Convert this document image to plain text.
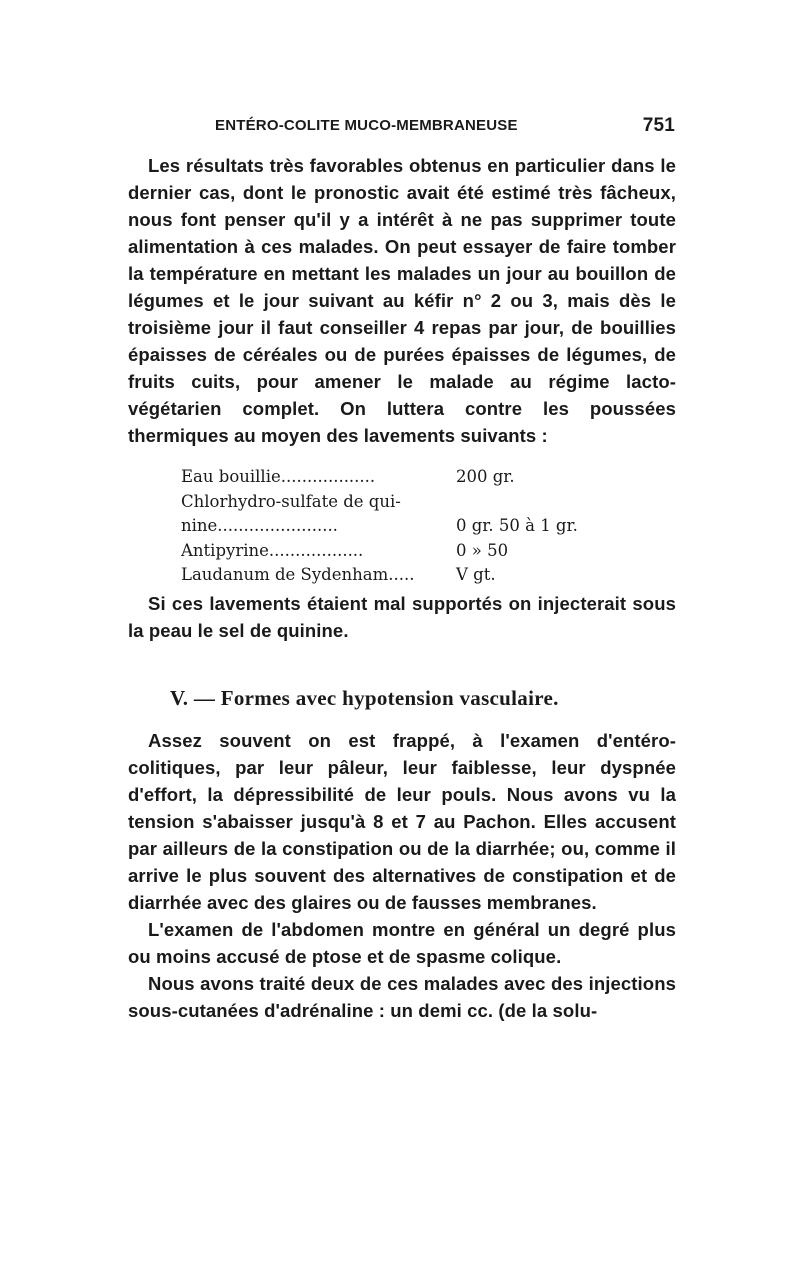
ENTÉRO-COLITE MUCO-MEMBRANEUSE	751

Les résultats très favorables obtenus en particulier dans le dernier cas, dont le pronostic avait été estimé très fâcheux, nous font penser qu'il y a intérêt à ne pas supprimer toute alimentation à ces malades. On peut essayer de faire tomber la température en mettant les malades un jour au bouillon de légumes et le jour suivant au kéfir n° 2 ou 3, mais dès le troisième jour il faut conseiller 4 repas par jour, de bouillies épaisses de céréales ou de purées épaisses de légumes, de fruits cuits, pour amener le malade au régime lacto-végétarien complet. On luttera contre les poussées thermiques au moyen des lavements suivants :

Eau bouillie..................	200 gr.
Chlorhydro-sulfate de qui-
nine.......................	0 gr. 50 à 1 gr.
Antipyrine..................	0 » 50
Laudanum de Sydenham.....	V gt.

Si ces lavements étaient mal supportés on injecterait sous la peau le sel de quinine.

V. — Formes avec hypotension vasculaire.

Assez souvent on est frappé, à l'examen d'entéro-colitiques, par leur pâleur, leur faiblesse, leur dyspnée d'effort, la dépressibilité de leur pouls. Nous avons vu la tension s'abaisser jusqu'à 8 et 7 au Pachon. Elles accusent par ailleurs de la constipation ou de la diarrhée; ou, comme il arrive le plus souvent des alternatives de constipation et de diarrhée avec des glaires ou de fausses membranes.

L'examen de l'abdomen montre en général un degré plus ou moins accusé de ptose et de spasme colique.

Nous avons traité deux de ces malades avec des injections sous-cutanées d'adrénaline : un demi cc. (de la solu-
